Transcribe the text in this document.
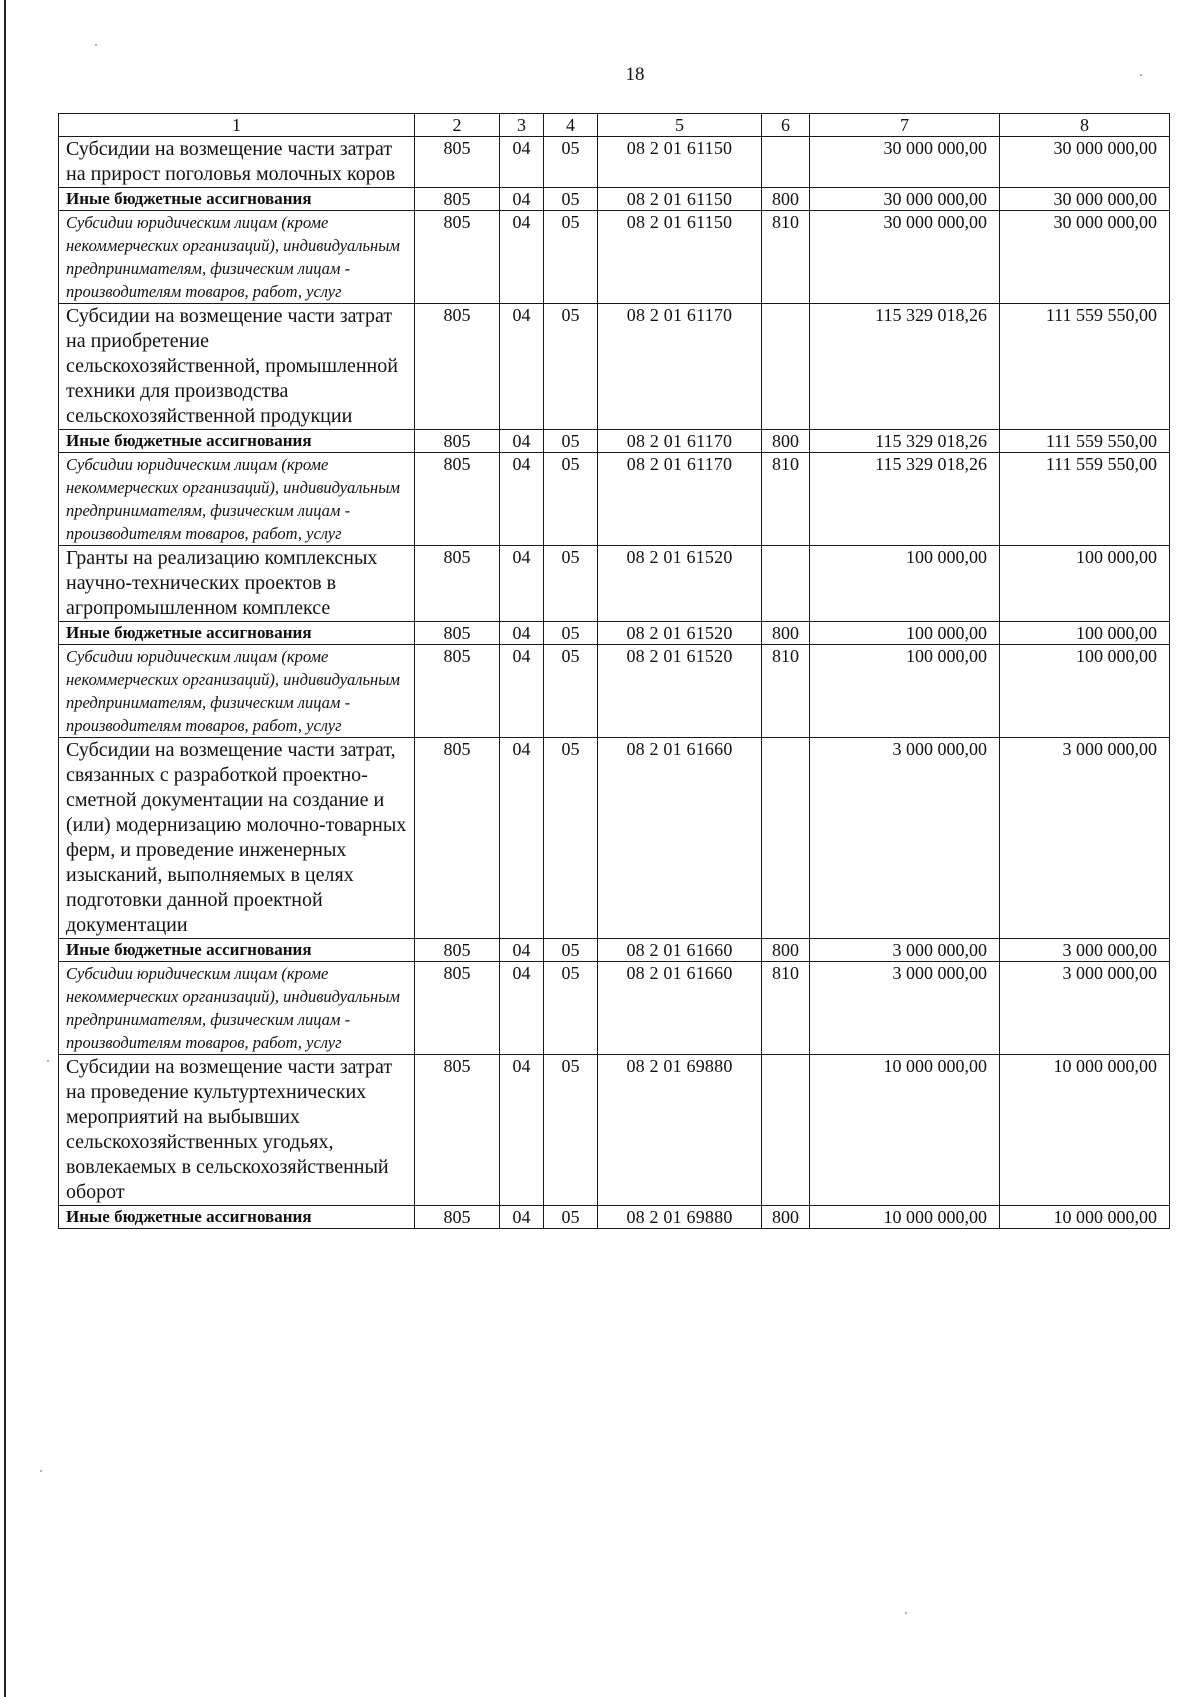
18
1	2	3	4	5	6	7	8
Субсидии на возмещение части затрат на прирост поголовья молочных коров	805	04	05	08 2 01 61150		30 000 000,00	30 000 000,00
Иные бюджетные ассигнования	805	04	05	08 2 01 61150	800	30 000 000,00	30 000 000,00
Субсидии юридическим лицам (кроме некоммерческих организаций), индивидуальным предпринимателям, физическим лицам - производителям товаров, работ, услуг	805	04	05	08 2 01 61150	810	30 000 000,00	30 000 000,00
Субсидии на возмещение части затрат на приобретение сельскохозяйственной, промышленной техники для производства сельскохозяйственной продукции	805	04	05	08 2 01 61170		115 329 018,26	111 559 550,00
Иные бюджетные ассигнования	805	04	05	08 2 01 61170	800	115 329 018,26	111 559 550,00
Субсидии юридическим лицам (кроме некоммерческих организаций), индивидуальным предпринимателям, физическим лицам - производителям товаров, работ, услуг	805	04	05	08 2 01 61170	810	115 329 018,26	111 559 550,00
Гранты на реализацию комплексных научно-технических проектов в агропромышленном комплексе	805	04	05	08 2 01 61520		100 000,00	100 000,00
Иные бюджетные ассигнования	805	04	05	08 2 01 61520	800	100 000,00	100 000,00
Субсидии юридическим лицам (кроме некоммерческих организаций), индивидуальным предпринимателям, физическим лицам - производителям товаров, работ, услуг	805	04	05	08 2 01 61520	810	100 000,00	100 000,00
Субсидии на возмещение части затрат, связанных с разработкой проектно-сметной документации на создание и (или) модернизацию молочно-товарных ферм, и проведение инженерных изысканий, выполняемых в целях подготовки данной проектной документации	805	04	05	08 2 01 61660		3 000 000,00	3 000 000,00
Иные бюджетные ассигнования	805	04	05	08 2 01 61660	800	3 000 000,00	3 000 000,00
Субсидии юридическим лицам (кроме некоммерческих организаций), индивидуальным предпринимателям, физическим лицам - производителям товаров, работ, услуг	805	04	05	08 2 01 61660	810	3 000 000,00	3 000 000,00
Субсидии на возмещение части затрат на проведение культуртехнических мероприятий на выбывших сельскохозяйственных угодьях, вовлекаемых в сельскохозяйственный оборот	805	04	05	08 2 01 69880		10 000 000,00	10 000 000,00
Иные бюджетные ассигнования	805	04	05	08 2 01 69880	800	10 000 000,00	10 000 000,00
